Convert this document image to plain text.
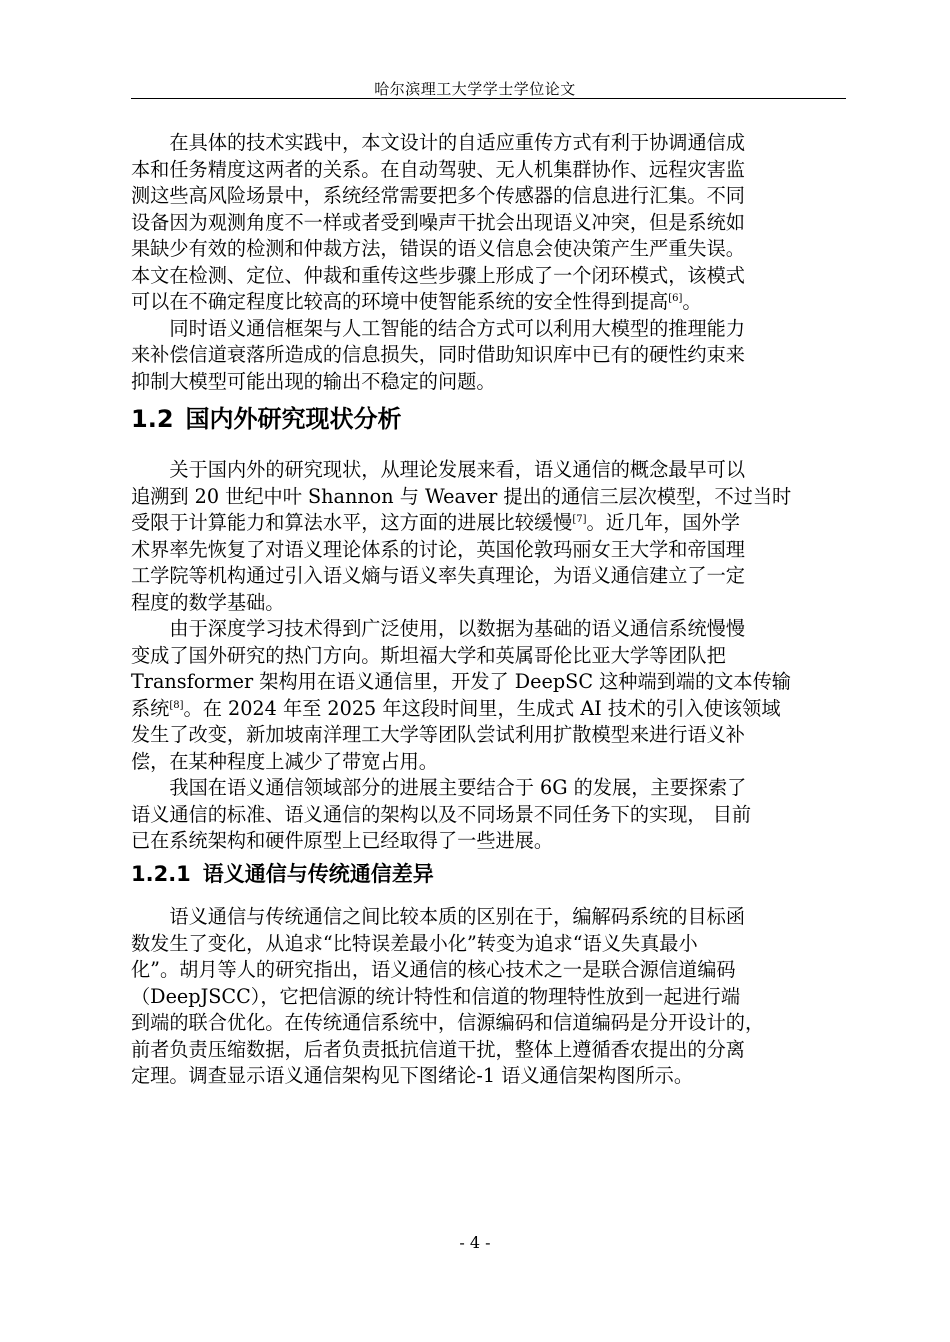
哈尔滨理工大学学士学位论文
在具体的技术实践中，本文设计的自适应重传方式有利于协调通信成
本和任务精度这两者的关系。在自动驾驶、无人机集群协作、远程灾害监
测这些高风险场景中，系统经常需要把多个传感器的信息进行汇集。不同
设备因为观测角度不一样或者受到噪声干扰会出现语义冲突，但是系统如
果缺少有效的检测和仲裁方法，错误的语义信息会使决策产生严重失误。
本文在检测、定位、仲裁和重传这些步骤上形成了一个闭环模式，该模式
可以在不确定程度比较高的环境中使智能系统的安全性得到提高[6]。
同时语义通信框架与人工智能的结合方式可以利用大模型的推理能力
来补偿信道衰落所造成的信息损失，同时借助知识库中已有的硬性约束来
抑制大模型可能出现的输出不稳定的问题。
1.2 国内外研究现状分析
关于国内外的研究现状，从理论发展来看，语义通信的概念最早可以
追溯到 20 世纪中叶 Shannon 与 Weaver 提出的通信三层次模型，不过当时
受限于计算能力和算法水平，这方面的进展比较缓慢[7]。近几年，国外学
术界率先恢复了对语义理论体系的讨论，英国伦敦玛丽女王大学和帝国理
工学院等机构通过引入语义熵与语义率失真理论，为语义通信建立了一定
程度的数学基础。
由于深度学习技术得到广泛使用，以数据为基础的语义通信系统慢慢
变成了国外研究的热门方向。斯坦福大学和英属哥伦比亚大学等团队把
Transformer 架构用在语义通信里，开发了 DeepSC 这种端到端的文本传输
系统[8]。在 2024 年至 2025 年这段时间里，生成式 AI 技术的引入使该领域
发生了改变，新加坡南洋理工大学等团队尝试利用扩散模型来进行语义补
偿，在某种程度上减少了带宽占用。
我国在语义通信领域部分的进展主要结合于 6G 的发展，主要探索了
语义通信的标准、语义通信的架构以及不同场景不同任务下的实现， 目前
已在系统架构和硬件原型上已经取得了一些进展。
1.2.1 语义通信与传统通信差异
语义通信与传统通信之间比较本质的区别在于，编解码系统的目标函
数发生了变化，从追求“比特误差最小化”转变为追求“语义失真最小
化”。胡月等人的研究指出，语义通信的核心技术之一是联合源信道编码
（DeepJSCC），它把信源的统计特性和信道的物理特性放到一起进行端
到端的联合优化。在传统通信系统中，信源编码和信道编码是分开设计的，
前者负责压缩数据，后者负责抵抗信道干扰，整体上遵循香农提出的分离
定理。调查显示语义通信架构见下图绪论-1 语义通信架构图所示。
- 4 -
